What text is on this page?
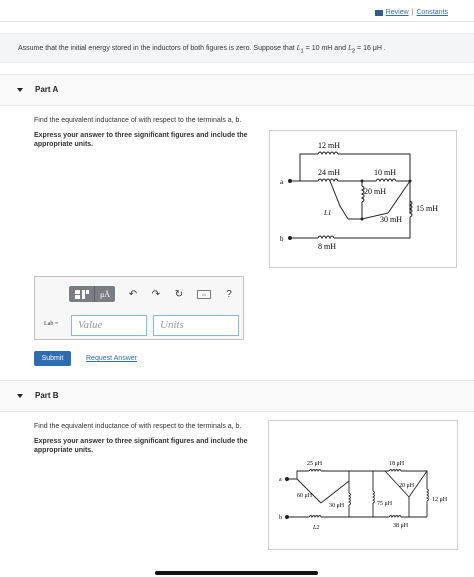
Review | Constants
Assume that the initial energy stored in the inductors of both figures is zero. Suppose that $L_1 = 10$ mH and $L_2 = 16$ μH .
Part A
Find the equivalent inductance of with respect to the terminals a, b.
Express your answer to three significant figures and include the appropriate units.	12 mH
24 mH	10 mH
20 mH
15 mH
30 mH
8 mH
L1
a
b
μÅ	↶ ↷ ↻	▭	?
Lab =	Value	Units
Submit	Request Answer
Part B
Find the equivalent inductance of with respect to the terminals a, b.
Express your answer to three significant figures and include the appropriate units.
25 μH	18 μH
20 μH
12 μH
60 μH
30 μH	75 μH
38 μH
L2
a
b
